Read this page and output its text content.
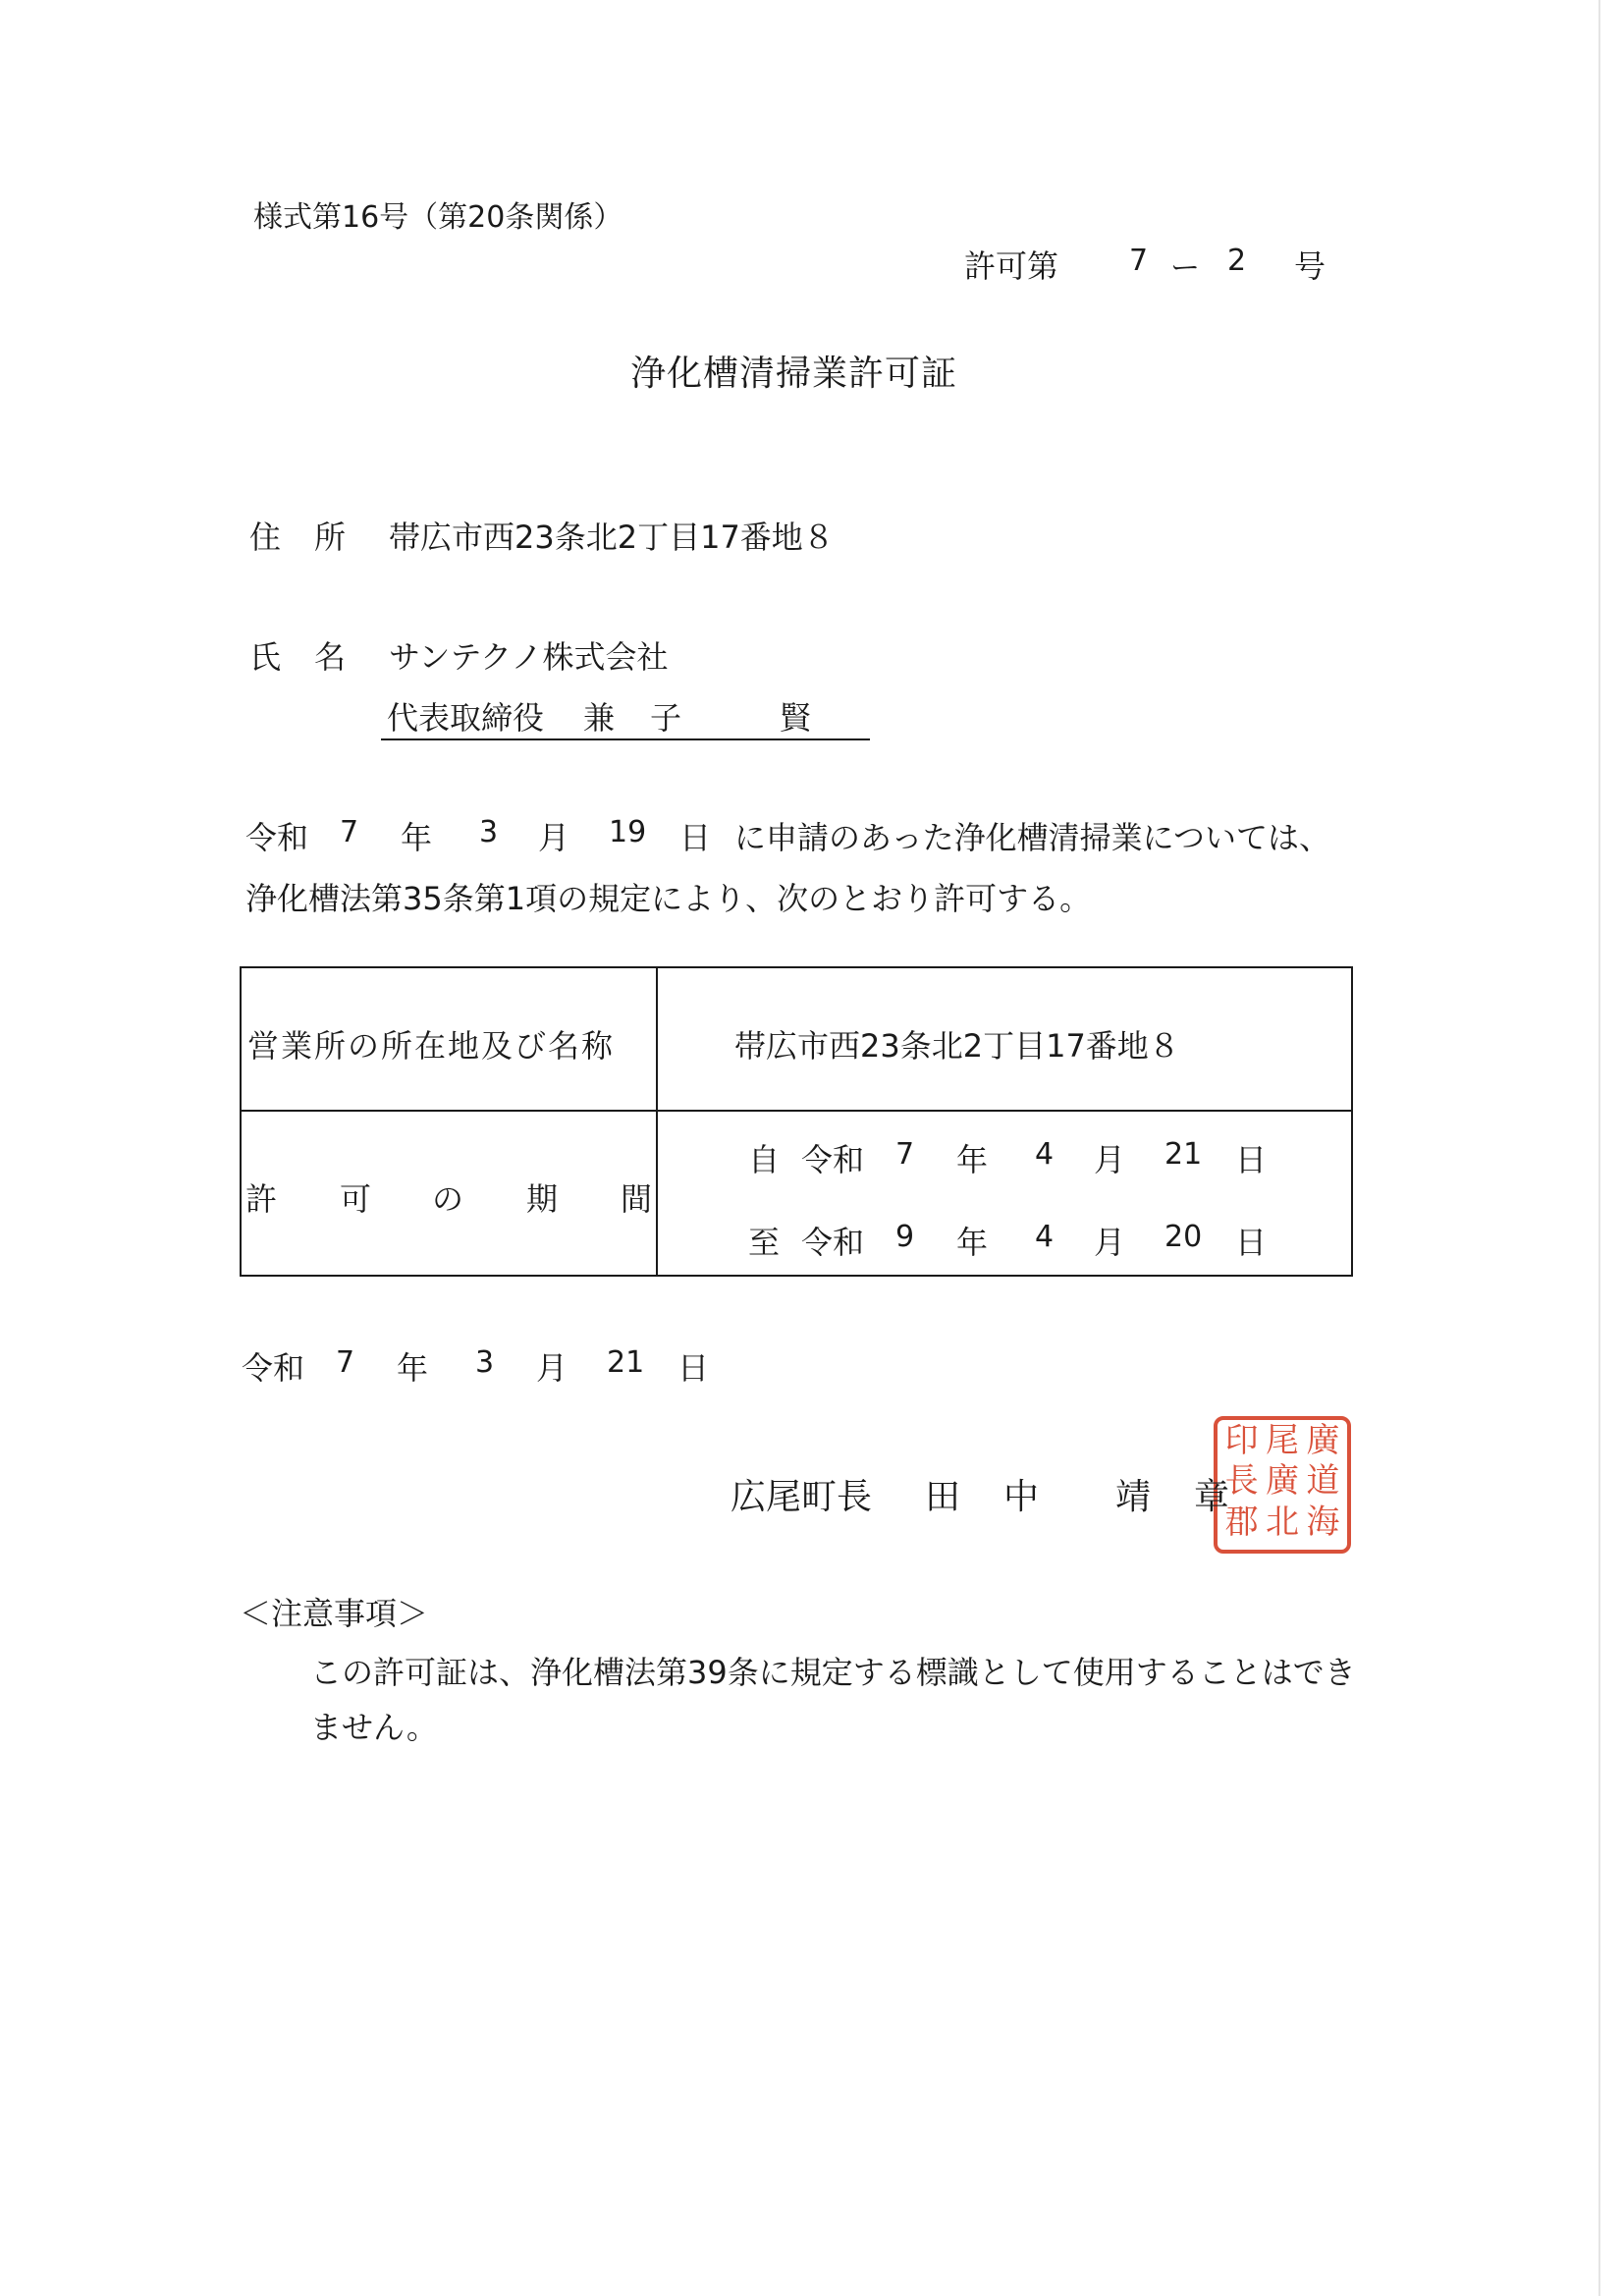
様式第16号（第20条関係）
許可第 7 ー 2 号
浄化槽清掃業許可証
住 所 帯広市西23条北2丁目17番地８
氏 名 サンテクノ株式会社
代表取締役 兼 子	賢
令和 7 年 3 月 19 日 に申請のあった浄化槽清掃業については、
浄化槽法第35条第1項の規定により、次のとおり許可する。
営業所の所在地及び名称	帯広市西23条北2丁目17番地８
許 可 の 期 間
自 令和 7 年 4 月 21 日
至 令和 9 年 4 月 20 日
令和 7 年 3 月 21 日
印 尾 廣
長 廣 道
郡 北 海
広尾町長 田 中 靖 章
＜注意事項＞
この許可証は、浄化槽法第39条に規定する標識として使用することはでき
ません。
